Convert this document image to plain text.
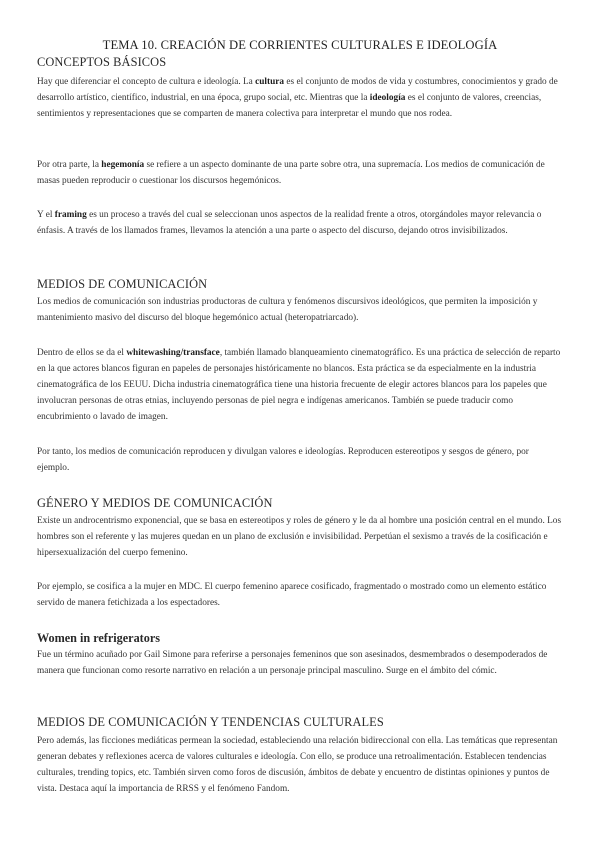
TEMA 10. CREACIÓN DE CORRIENTES CULTURALES E IDEOLOGÍA
CONCEPTOS BÁSICOS

Hay que diferenciar el concepto de cultura e ideología. La cultura es el conjunto de modos de vida y costumbres, conocimientos y grado de desarrollo artístico, científico, industrial, en una época, grupo social, etc. Mientras que la ideología es el conjunto de valores, creencias, sentimientos y representaciones que se comparten de manera colectiva para interpretar el mundo que nos rodea.

Por otra parte, la hegemonía se refiere a un aspecto dominante de una parte sobre otra, una supremacía. Los medios de comunicación de masas pueden reproducir o cuestionar los discursos hegemónicos.

Y el framing es un proceso a través del cual se seleccionan unos aspectos de la realidad frente a otros, otorgándoles mayor relevancia o énfasis. A través de los llamados frames, llevamos la atención a una parte o aspecto del discurso, dejando otros invisibilizados.

MEDIOS DE COMUNICACIÓN

Los medios de comunicación son industrias productoras de cultura y fenómenos discursivos ideológicos, que permiten la imposición y mantenimiento masivo del discurso del bloque hegemónico actual (heteropatriarcado).

Dentro de ellos se da el whitewashing/transface, también llamado blanqueamiento cinematográfico. Es una práctica de selección de reparto en la que actores blancos figuran en papeles de personajes históricamente no blancos. Esta práctica se da especialmente en la industria cinematográfica de los EEUU. Dicha industria cinematográfica tiene una historia frecuente de elegir actores blancos para los papeles que involucran personas de otras etnias, incluyendo personas de piel negra e indígenas americanos. También se puede traducir como encubrimiento o lavado de imagen.

Por tanto, los medios de comunicación reproducen y divulgan valores e ideologías. Reproducen estereotipos y sesgos de género, por ejemplo.

GÉNERO Y MEDIOS DE COMUNICACIÓN

Existe un androcentrismo exponencial, que se basa en estereotipos y roles de género y le da al hombre una posición central en el mundo. Los hombres son el referente y las mujeres quedan en un plano de exclusión e invisibilidad. Perpetúan el sexismo a través de la cosificación e hipersexualización del cuerpo femenino.

Por ejemplo, se cosifica a la mujer en MDC. El cuerpo femenino aparece cosificado, fragmentado o mostrado como un elemento estático servido de manera fetichizada a los espectadores.

Women in refrigerators

Fue un término acuñado por Gail Simone para referirse a personajes femeninos que son asesinados, desmembrados o desempoderados de manera que funcionan como resorte narrativo en relación a un personaje principal masculino. Surge en el ámbito del cómic.

MEDIOS DE COMUNICACIÓN Y TENDENCIAS CULTURALES

Pero además, las ficciones mediáticas permean la sociedad, estableciendo una relación bidireccional con ella. Las temáticas que representan generan debates y reflexiones acerca de valores culturales e ideología. Con ello, se produce una retroalimentación. Establecen tendencias culturales, trending topics, etc. También sirven como foros de discusión, ámbitos de debate y encuentro de distintas opiniones y puntos de vista. Destaca aquí la importancia de RRSS y el fenómeno Fandom.
